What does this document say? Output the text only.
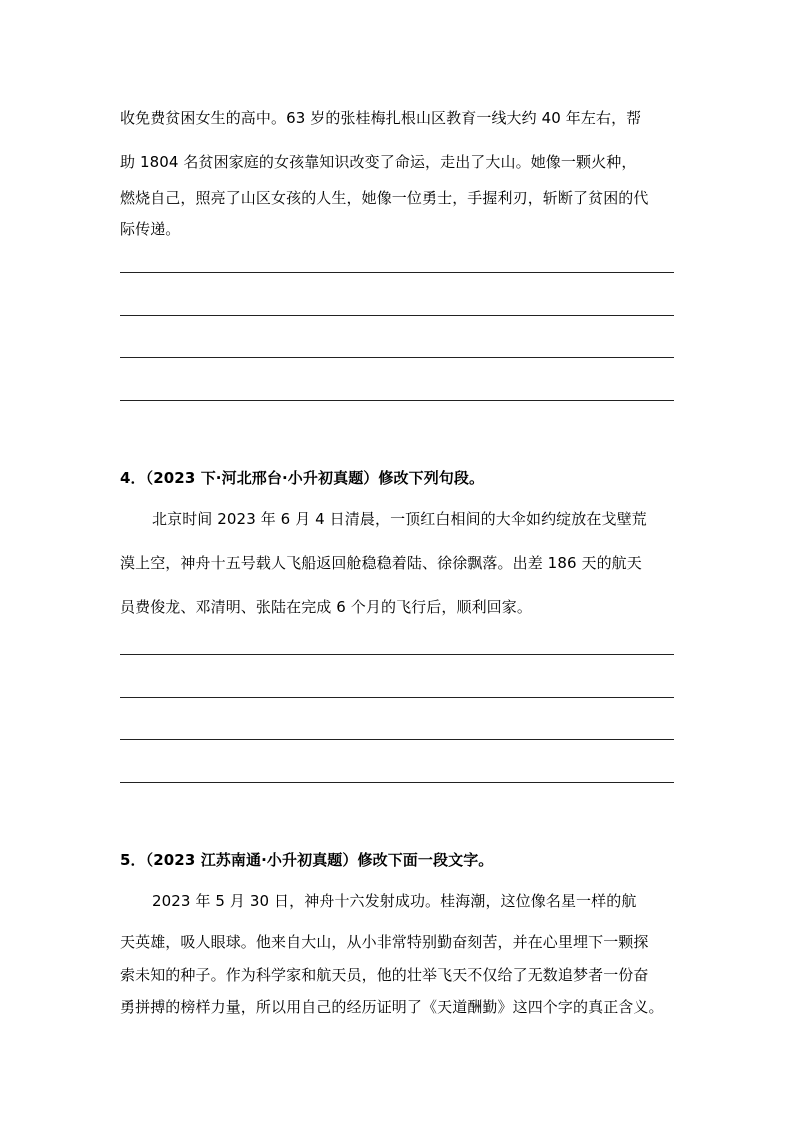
收免费贫困女生的高中。63 岁的张桂梅扎根山区教育一线大约 40 年左右，帮
助 1804 名贫困家庭的女孩靠知识改变了命运，走出了大山。她像一颗火种，
燃烧自己，照亮了山区女孩的人生，她像一位勇士，手握利刃，斩断了贫困的代
际传递。
4．（2023 下·河北邢台·小升初真题）修改下列句段。
北京时间 2023 年 6 月 4 日清晨，一顶红白相间的大伞如约绽放在戈壁荒
漠上空，神舟十五号载人飞船返回舱稳稳着陆、徐徐飘落。出差 186 天的航天
员费俊龙、邓清明、张陆在完成 6 个月的飞行后，顺利回家。
5．（2023 江苏南通·小升初真题）修改下面一段文字。
2023 年 5 月 30 日，神舟十六发射成功。桂海潮，这位像名星一样的航
天英雄，吸人眼球。他来自大山，从小非常特别勤奋刻苦，并在心里埋下一颗探
索未知的种子。作为科学家和航天员，他的壮举飞天不仅给了无数追梦者一份奋
勇拼搏的榜样力量，所以用自己的经历证明了《天道酬勤》这四个字的真正含义。
